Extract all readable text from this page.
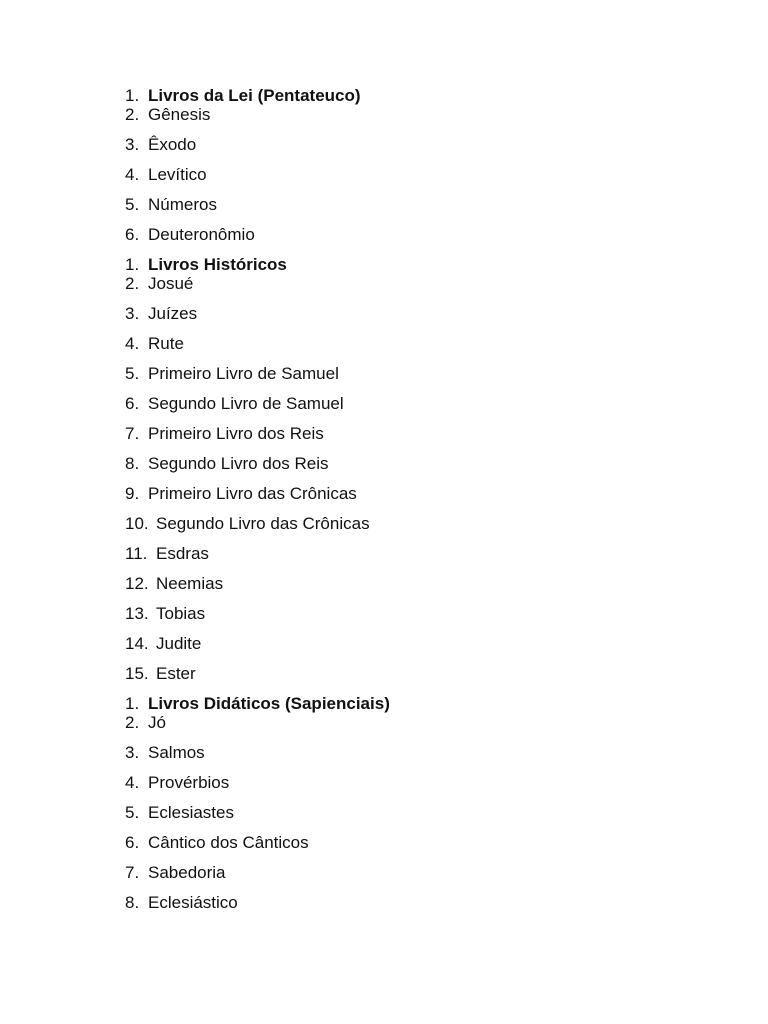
1. Livros da Lei (Pentateuco)
2. Gênesis
3. Êxodo
4. Levítico
5. Números
6. Deuteronômio
1. Livros Históricos
2. Josué
3. Juízes
4. Rute
5. Primeiro Livro de Samuel
6. Segundo Livro de Samuel
7. Primeiro Livro dos Reis
8. Segundo Livro dos Reis
9. Primeiro Livro das Crônicas
10. Segundo Livro das Crônicas
11. Esdras
12. Neemias
13. Tobias
14. Judite
15. Ester
1. Livros Didáticos (Sapienciais)
2. Jó
3. Salmos
4. Provérbios
5. Eclesiastes
6. Cântico dos Cânticos
7. Sabedoria
8. Eclesiástico
